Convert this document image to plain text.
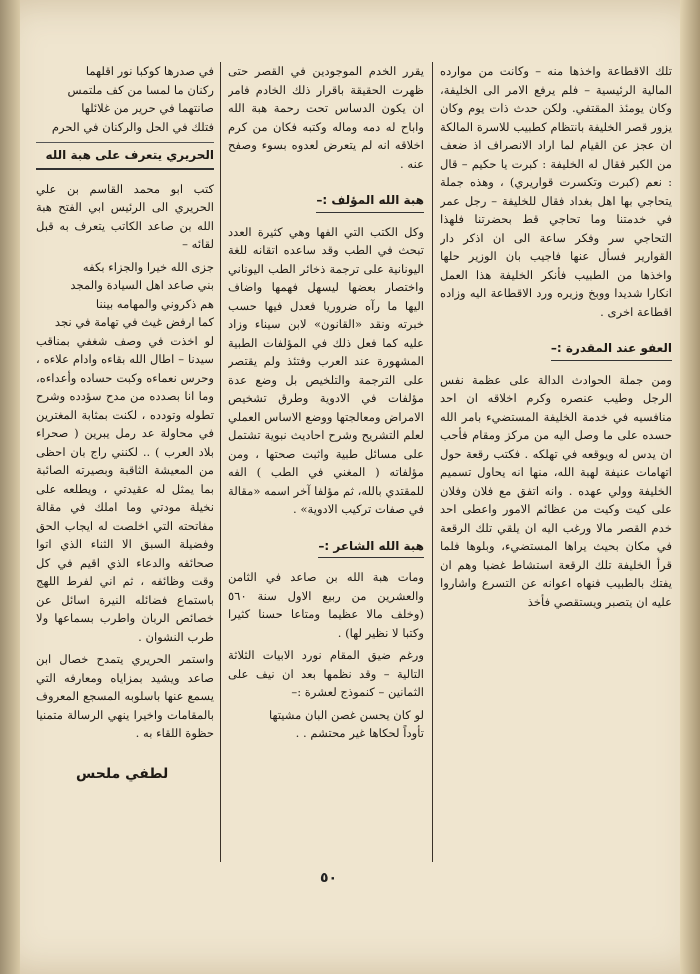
تلك الاقطاعة واخذها منه – وكانت من موارده المالية الرئيسية – فلم يرفع الامر الى الخليفة، وكان يومئذ المقتفي. ولكن حدث ذات يوم وكان يزور قصر الخليفة بانتظام كطبيب للاسرة المالكة ان عجز عن القيام لما اراد الانصراف اذ ضعف من الكبر فقال له الخليفة : كبرت يا حكيم – قال : نعم (كبرت وتكسرت قواريري) ، وهذه جملة يتحاجي بها اهل بغداد فقال للخليفة – رجل عمر في خدمتنا وما تحاجي قط بحضرتنا فلهذا التحاجي سر وفكر ساعة الى ان اذكر دار القوارير فسأل عنها فاجيب بان الوزير حلها واخذها من الطبيب فأنكر الخليفة هذا العمل انكارا شديدا ووبخ وزيره ورد الاقطاعة اليه وزاده اقطاعة اخرى .

العفو عند المقدرة :–

ومن جملة الحوادث الدالة على عظمة نفس الرجل وطيب عنصره وكرم اخلاقه ان احد منافسيه في خدمة الخليفة المستضيء بامر الله حسده على ما وصل اليه من مركز ومقام فأحب ان يدس له ويوقعه في تهلكه . فكتب رقعة حول اتهامات عنيفة لهبة الله، منها انه يحاول تسميم الخليفة وولي عهده . وانه اتفق مع فلان وفلان على كيت وكيت من عظائم الامور واعطى احد خدم القصر مالا ورغب اليه ان يلقي تلك الرقعة في مكان بحيث يراها المستضيء، وبلوها فلما قرأ الخليفة تلك الرقعة استشاط غضبا وهم ان يفتك بالطبيب فنهاه اعوانه عن التسرع واشاروا عليه ان يتصبر ويستقصي فأخذ

يقرر الخدم الموجودين في القصر حتى ظهرت الحقيقة باقرار ذلك الخادم فامر ان يكون الدساس تحت رحمة هبة الله واباح له دمه وماله وكتبه فكان من كرم اخلاقه انه لم يتعرض لعدوه بسوء وصفح عنه .

هبة الله المؤلف :–

وكل الكتب التي الفها وهي كثيرة العدد تبحث في الطب وقد ساعده اتقانه للغة اليونانية على ترجمة ذخائر الطب اليوناني واختصار بعضها ليسهل فهمها واضاف اليها ما رآه ضروريا فعدل فيها حسب خبرته ونقد «القانون» لابن سيناء وزاد عليه كما فعل ذلك في المؤلفات الطبية المشهورة عند العرب وفتئذ ولم يقتصر على الترجمة والتلخيص بل وضع عدة مؤلفات في الادوية وطرق تشخيص الامراض ومعالجتها ووضع الاساس العملي لعلم التشريح وشرح احاديث نبوية تشتمل على مسائل طبية واثبت صحتها ، ومن مؤلفاته ( المغني في الطب ) الفه للمقتدي بالله، ثم مؤلفا آخر اسمه «مقالة في صفات تركيب الادوية» .

هبة الله الشاعر :–

ومات هبة الله بن صاعد في الثامن والعشرين من ربيع الاول سنة ٥٦٠ (وخلف مالا عظيما ومتاعا حسنا كثيرا وكتبا لا نظير لها) .

ورغم ضيق المقام نورد الابيات الثلاثة التالية – وقد نظمها بعد ان نيف على الثمانين – كنموذج لعشرة :–

لو كان يحسن غصن البان مشيتها
تأوداً لحكاها غير محتشم . .
في صدرها كوكبا نور اقلهما
ركنان ما لمسا من كف ملتمس
صانتهما في حرير من غلائلها
فتلك في الحل والركنان في الحرم
الحريري يتعرف على هبة الله

كتب ابو محمد القاسم بن علي الحريري الى الرئيس ابي الفتح هبة الله بن صاعد الكاتب يتعرف به قبل لقائه –

جزى الله خيرا والجزاء بكفه
بني صاعد اهل السيادة والمجد
هم ذكروني والمهامه بيننا
كما ارفض غيث في تهامة في نجد

لو اخذت في وصف شغفي بمناقب سيدنا – اطال الله بقاءه وادام علاءه ، وحرس نعماءه وكبت حساده وأعداءه، وما انا بصدده من مدح سؤدده وشرح تطوله وتودده ، لكنت بمثابة المغترين في محاولة عد رمل يبرين ( صحراء بلاد العرب ) .. لكنني راج بان احظى من المعيشة الثاقبة وبصيرته الصائبة بما يمثل له عقيدتي ، ويطلعه على نخيلة مودتي وما املك في مقالة مفاتحته التي اخلصت له ايجاب الحق وفضيلة السبق الا الثناء الذي اتوا صحائفه والدعاء الذي اقيم في كل وقت وظائفه ، ثم اني لفرط اللهج باستماع فضائله النيرة اسائل عن خصائص الربان واطرب بسماعها ولا طرب النشوان .

واستمر الحريري يتمدح خصال ابن صاعد ويشيد بمزاياه ومعارفه التي يسمع عنها باسلوبه المسجع المعروف بالمقامات واخيرا ينهي الرسالة متمنيا حظوة اللقاء به .

لطفي ملحس
٥٠
